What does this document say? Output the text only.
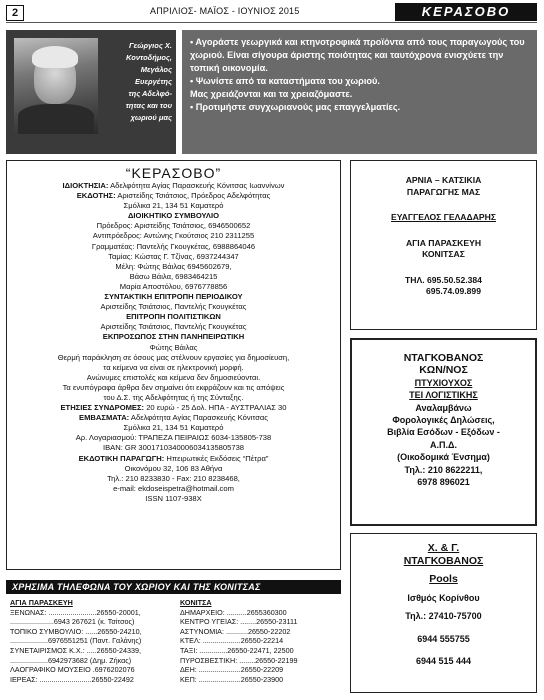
2	ΑΠΡΙΛΙΟΣ- ΜΑΪΟΣ - ΙΟΥΝΙΟΣ 2015	ΚΕΡΑΣΟΒΟ
Γεώργιος Χ.
Κοντοδήμος,
Μεγάλος
Ευεργέτης
της Αδελφό-
τητας και του
χωριού μας

• Αγοράστε γεωργικά και κτηνοτροφικά προϊόντα από τους παραγωγούς του χωριού. Είναι σίγουρα άριστης ποιότητας και ταυτόχρονα ενισχύετε την τοπική οικονομία.

• Ψωνίστε από τα καταστήματα του χωριού.

Μας χρειάζονται και τα χρειαζόμαστε.

• Προτιμήστε συγχωριανούς μας επαγγελματίες.

“ΚΕΡΑΣΟΒΟ”
ΙΔΙΟΚΤΗΣΙΑ: Αδελφότητα Αγίας Παρασκευής Κόνιτσας Ιωαννίνων
ΕΚΔΟΤΗΣ: Αριστείδης Τσιάτσιος, Πρόεδρος Αδελφότητας
Σμόλικα 21, 134 51 Καματερό
ΔΙΟΙΚΗΤΙΚΟ ΣΥΜΒΟΥΛΙΟ
Πρόεδρος: Αριστείδης Τσιάτσιος, 6946500652
Αντιπρόεδρος: Αντώνης Γκούτσιος 210 2311255
Γραμματέας: Παντελής Γκουγκέτας, 6988864046
Ταμίας: Κώστας Γ. Τζίνας, 6937244347
Μέλη: Φώτης Βάιλας 6945602679,
Βάσω Βάιλα, 6983464215
Μαρία Αποστόλου, 6976778856
ΣΥΝΤΑΚΤΙΚΗ ΕΠΙΤΡΟΠΗ ΠΕΡΙΟΔΙΚΟΥ
Αριστείδης Τσιάτσιος, Παντελής Γκουγκέτας
ΕΠΙΤΡΟΠΗ ΠΟΛΙΤΙΣΤΙΚΩΝ
Αριστείδης Τσιάτσιος, Παντελής Γκουγκέτας
ΕΚΠΡΟΣΩΠΟΣ ΣΤΗΝ ΠΑΝΗΠΕΙΡΩΤΙΚΗ
Φώτης Βάιλας
Θερμή παράκληση σε όσους μας στέλνουν εργασίες για δημοσίευση,
τα κείμενα να είναι σε ηλεκτρονική μορφή.
Ανώνυμες επιστολές και κείμενα δεν δημοσιεύονται.
Τα ενυπόγραφα άρθρα δεν σημαίνει ότι εκφράζουν και τις απόψεις
του Δ.Σ. της Αδελφότητας ή της Σύνταξης.
ΕΤΗΣΙΕΣ ΣΥΝΔΡΟΜΕΣ: 20 ευρώ - 25 Δολ. ΗΠΑ - ΑΥΣΤΡΑΛΙΑΣ 30
ΕΜΒΑΣΜΑΤΑ: Αδελφότητα Αγίας Παρασκευής Κόνιτσας
Σμόλικα 21, 134 51 Καματερό
Αρ. Λογαριασμού: ΤΡΑΠΕΖΑ ΠΕΙΡΑΙΩΣ 6034-135805-738
IBAN: GR 3001710340006034135805738
ΕΚΔΟΤΙΚΗ ΠΑΡΑΓΩΓΗ: Ηπειρωτικές Εκδόσεις “Πέτρα”
Οικονόμου 32, 106 83 Αθήνα
Τηλ.: 210 8233830 - Fax: 210 8238468,
e-mail: ekdoseispetra@hotmail.com
ISSN 1107-938X
ΑΡΝΙΑ – ΚΑΤΣΙΚΙΑ
ΠΑΡΑΓΩΓΗΣ ΜΑΣ
ΕΥΑΓΓΕΛΟΣ ΓΕΛΑΔΑΡΗΣ
ΑΓΙΑ ΠΑΡΑΣΚΕΥΗ
ΚΟΝΙΤΣΑΣ
ΤΗΛ. 695.50.52.384
695.74.09.899
ΝΤΑΓΚΟΒΑΝΟΣ
ΚΩΝ/ΝΟΣ
ΠΤΥΧΙΟΥΧΟΣ
ΤΕΙ ΛΟΓΙΣΤΙΚΗΣ
Αναλαμβάνω
Φορολογικές Δηλώσεις,
Βιβλία Εσόδων - Εξόδων -
Α.Π.Δ.
(Οικοδομικά Ένσημα)
Τηλ.: 210 8622211,
6978 896021
Χ. & Γ.
ΝΤΑΓΚΟΒΑΝΟΣ
Pools
Ισθμός Κορίνθου
Τηλ.: 27410-75700
6944 555755
6944 515 444
ΧΡΗΣΙΜΑ ΤΗΛΕΦΩΝΑ ΤΟΥ ΧΩΡΙΟΥ ΚΑΙ ΤΗΣ ΚΟΝΙΤΣΑΣ
ΑΓΙΑ ΠΑΡΑΣΚΕΥΗ
ΞΕΝΩΝΑΣ: ........................26550-20001,
......................6943 267621 (κ. Τσίτσος)
ΤΟΠΙΚΟ ΣΥΜΒΟΥΛΙΟ: ......26550-24210,
...................6976551251 (Παντ. Γαλάνης)
ΣΥΝΕΤΑΙΡΙΣΜΟΣ Κ.Χ.: .....26550-24339,
...................6942973682 (Δημ. Ζήκας)
ΛΑΟΓΡΑΦΙΚΟ ΜΟΥΣΕΙΟ .6976202076
ΙΕΡΕΑΣ: ..........................26550-22492
ΚΟΝΙΤΣΑ
ΔΗΜΑΡΧΕΙΟ: ..........2655360300
ΚΕΝΤΡΟ ΥΓΕΙΑΣ: ........26550-23111
ΑΣΤΥΝΟΜΙΑ: ...........26550-22202
ΚΤΕΛ: ...................26550-22214
ΤΑΞΙ: ..............26550-22471, 22500
ΠΥΡΟΣΒΕΣΤΙΚΗ: ........26550-22199
ΔΕΗ: .....................26550-22209
ΚΕΠ: .....................26550-23900
